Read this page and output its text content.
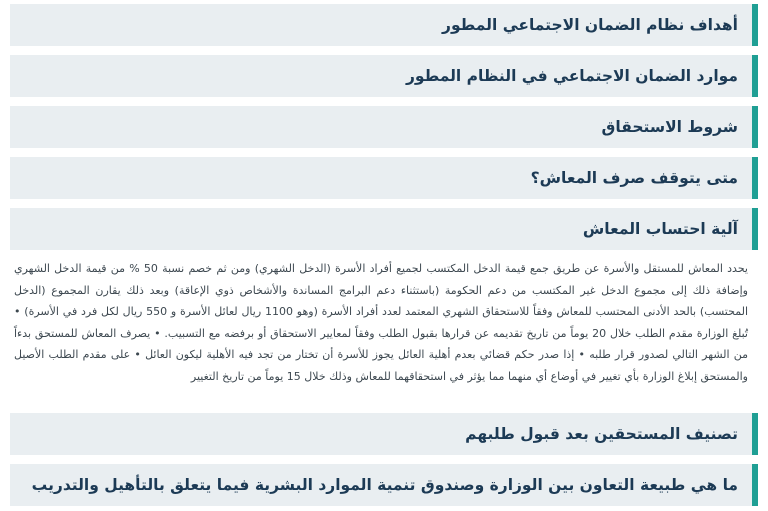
أهداف نظام الضمان الاجتماعي المطور
موارد الضمان الاجتماعي في النظام المطور
شروط الاستحقاق
متى يتوقف صرف المعاش؟
آلية احتساب المعاش

يحدد المعاش للمستقل والأسرة عن طريق جمع قيمة الدخل المكتسب لجميع أفراد الأسرة (الدخل الشهري) ومن ثم خصم نسبة 50 % من قيمة الدخل الشهري وإضافة ذلك إلى مجموع الدخل غير المكتسب من دعم الحكومة (باستثناء دعم البرامج المساندة والأشخاص ذوي الإعاقة) وبعد ذلك يقارن المجموع (الدخل المحتسب) بالحد الأدنى المحتسب للمعاش وفقاً للاستحقاق الشهري المعتمد لعدد أفراد الأسرة (وهو 1100 ريال لعائل الأسرة و 550 ريال لكل فرد في الأسرة) • تُبلغ الوزارة مقدم الطلب خلال 20 يوماً من تاريخ تقديمه عن قرارها بقبول الطلب وفقاً لمعايير الاستحقاق أو برفضه مع التسبيب. • يصرف المعاش للمستحق بدءاً من الشهر التالي لصدور قرار طلبه • إذا صدر حكم قضائي بعدم أهلية العائل يجوز للأسرة أن تختار من تجد فيه الأهلية ليكون العائل • على مقدم الطلب الأصيل والمستحق إبلاغ الوزارة بأي تغيير في أوضاع أي منهما مما يؤثر في استحقاقهما للمعاش وذلك خلال 15 يوماً من تاريخ التغيير

تصنيف المستحقين بعد قبول طلبهم
ما هي طبيعة التعاون بين الوزارة وصندوق تنمية الموارد البشرية فيما يتعلق بالتأهيل والتدريب
